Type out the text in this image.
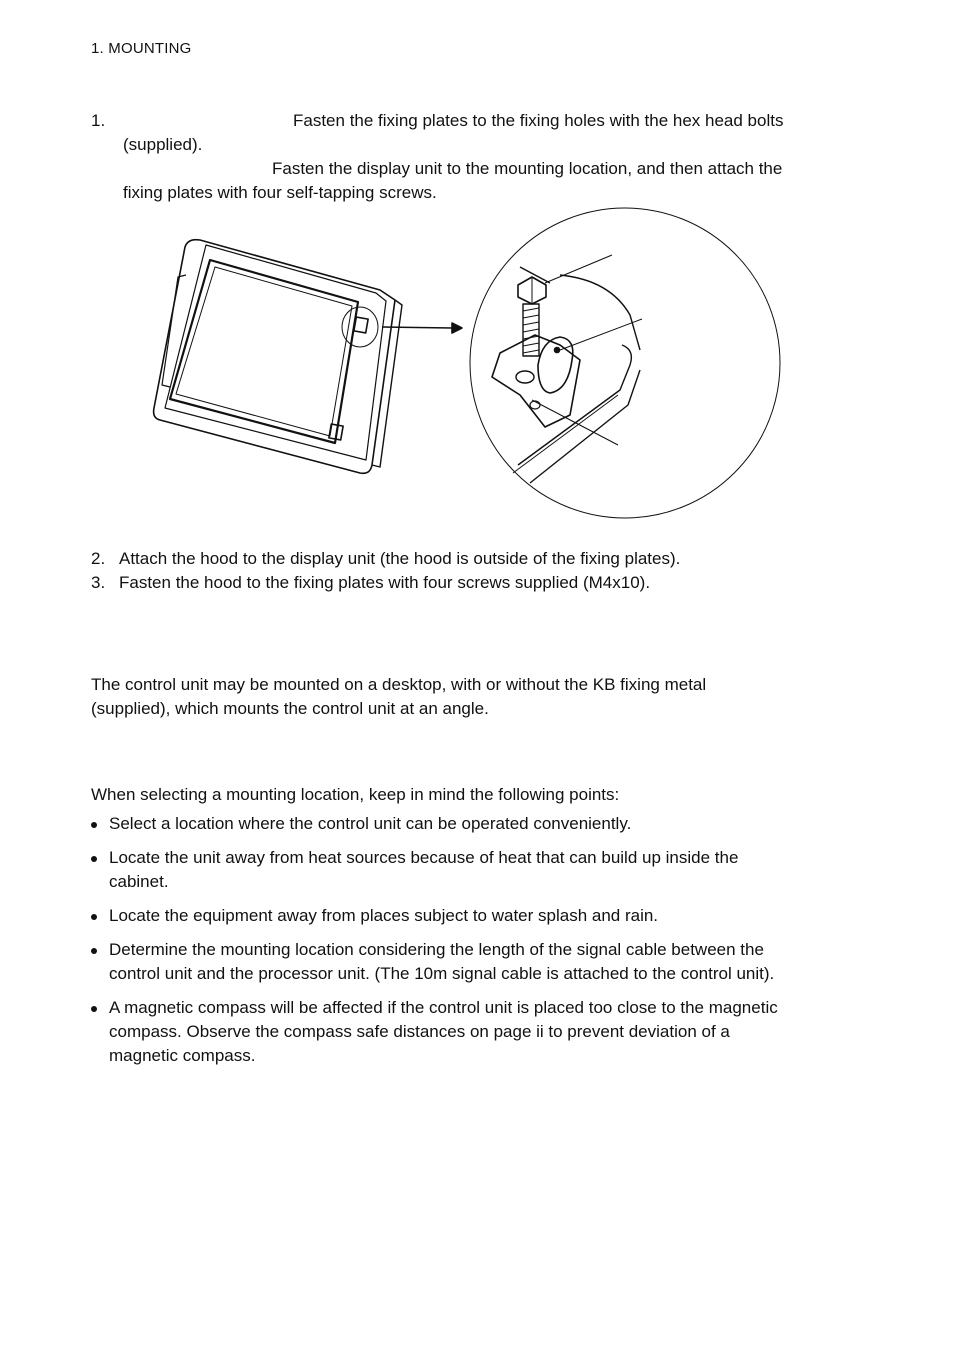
1. MOUNTING
1.	Fasten the fixing plates to the fixing holes with the hex head bolts
(supplied).
Fasten the display unit to the mounting location, and then attach the
fixing plates with four self-tapping screws.
2. Attach the hood to the display unit (the hood is outside of the fixing plates).
3. Fasten the hood to the fixing plates with four screws supplied (M4x10).
The control unit may be mounted on a desktop, with or without the KB fixing metal
(supplied), which mounts the control unit at an angle.
When selecting a mounting location, keep in mind the following points:
Select a location where the control unit can be operated conveniently.
Locate the unit away from heat sources because of heat that can build up inside the
cabinet.
Locate the equipment away from places subject to water splash and rain.
Determine the mounting location considering the length of the signal cable between the
control unit and the processor unit. (The 10m signal cable is attached to the control unit).
A magnetic compass will be affected if the control unit is placed too close to the magnetic
compass. Observe the compass safe distances on page ii to prevent deviation of a
magnetic compass.
